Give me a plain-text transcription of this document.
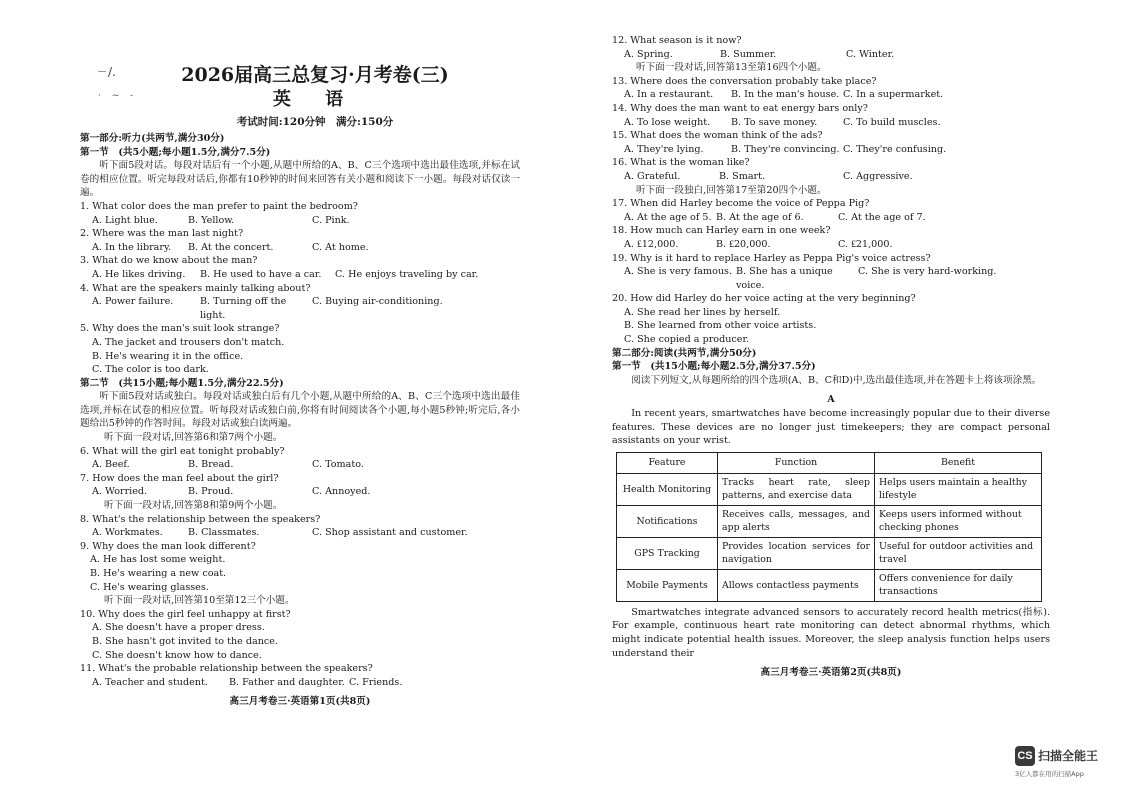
ㄧ/.
· ~ -
2026届高三总复习·月考卷(三)
英 语
考试时间:120分钟　满分:150分
第一部分:听力(共两节,满分30分)
第一节　(共5小题;每小题1.5分,满分7.5分)
听下面5段对话。每段对话后有一个小题,从题中所给的A、B、C三个选项中选出最佳选项,并标在试卷的相应位置。听完每段对话后,你都有10秒钟的时间来回答有关小题和阅读下一小题。每段对话仅读一遍。
1. What color does the man prefer to paint the bedroom?
A. Light blue.	B. Yellow.	C. Pink.
2. Where was the man last night?
A. In the library.	B. At the concert.	C. At home.
3. What do we know about the man?
A. He likes driving.	B. He used to have a car.	C. He enjoys traveling by car.
4. What are the speakers mainly talking about?
A. Power failure.	B. Turning off the light.
C. Buying air-conditioning.
5. Why does the man's suit look strange?
A. The jacket and trousers don't match.
B. He's wearing it in the office.
C. The color is too dark.
第二节　(共15小题;每小题1.5分,满分22.5分)
听下面5段对话或独白。每段对话或独白后有几个小题,从题中所给的A、B、C三个选项中选出最佳选项,并标在试卷的相应位置。听每段对话或独白前,你将有时间阅读各个小题,每小题5秒钟;听完后,各小题给出5秒钟的作答时间。每段对话或独白读两遍。
听下面一段对话,回答第6和第7两个小题。
6. What will the girl eat tonight probably?
A. Beef.	B. Bread.	C. Tomato.
7. How does the man feel about the girl?
A. Worried.	B. Proud.	C. Annoyed.
听下面一段对话,回答第8和第9两个小题。
8. What's the relationship between the speakers?
A. Workmates.	B. Classmates.	C. Shop assistant and customer.
9. Why does the man look different?
A. He has lost some weight.
B. He's wearing a new coat.
C. He's wearing glasses.
听下面一段对话,回答第10至第12三个小题。
10. Why does the girl feel unhappy at first?
A. She doesn't have a proper dress.
B. She hasn't got invited to the dance.
C. She doesn't know how to dance.
11. What's the probable relationship between the speakers?
A. Teacher and student.	B. Father and daughter. C. Friends.
高三月考卷三·英语第1页(共8页)
12. What season is it now?
A. Spring.	B. Summer.	C. Winter.
听下面一段对话,回答第13至第16四个小题。
13. Where does the conversation probably take place?
A. In a restaurant.	B. In the man's house. C. In a supermarket.
14. Why does the man want to eat energy bars only?
A. To lose weight.	B. To save money.	C. To build muscles.
15. What does the woman think of the ads?
A. They're lying.	B. They're convincing. C. They're confusing.
16. What is the woman like?
A. Grateful.	B. Smart.	C. Aggressive.
听下面一段独白,回答第17至第20四个小题。
17. When did Harley become the voice of Peppa Pig?
A. At the age of 5. B. At the age of 6.	C. At the age of 7.
18. How much can Harley earn in one week?
A. ₤12,000.	B. ₤20,000.	C. ₤21,000.
19. Why is it hard to replace Harley as Peppa Pig's voice actress?
A. She is very famous. B. She has a unique voice.
C. She is very hard-working.
20. How did Harley do her voice acting at the very beginning?
A. She read her lines by herself.
B. She learned from other voice artists.
C. She copied a producer.
第二部分:阅读(共两节,满分50分)
第一节　(共15小题;每小题2.5分,满分37.5分)
阅读下列短文,从每题所给的四个选项(A、B、C和D)中,选出最佳选项,并在答题卡上将该项涂黑。
A
In recent years, smartwatches have become increasingly popular due to their diverse features. These devices are no longer just timekeepers; they are compact personal assistants on your wrist.
Feature	Function	Benefit
Health Monitoring	Tracks heart rate, sleep patterns, and exercise data	Helps users maintain a healthy lifestyle
Notifications	Receives calls, messages, and app alerts	Keeps users informed without checking phones
GPS Tracking	Provides location services for navigation	Useful for outdoor activities and travel
Mobile Payments	Allows contactless payments	Offers convenience for daily transactions
Smartwatches integrate advanced sensors to accurately record health metrics(指标). For example, continuous heart rate monitoring can detect abnormal rhythms, which might indicate potential health issues. Moreover, the sleep analysis function helps users understand their
高三月考卷三·英语第2页(共8页)
CS 扫描全能王
3亿人都在用的扫描App
